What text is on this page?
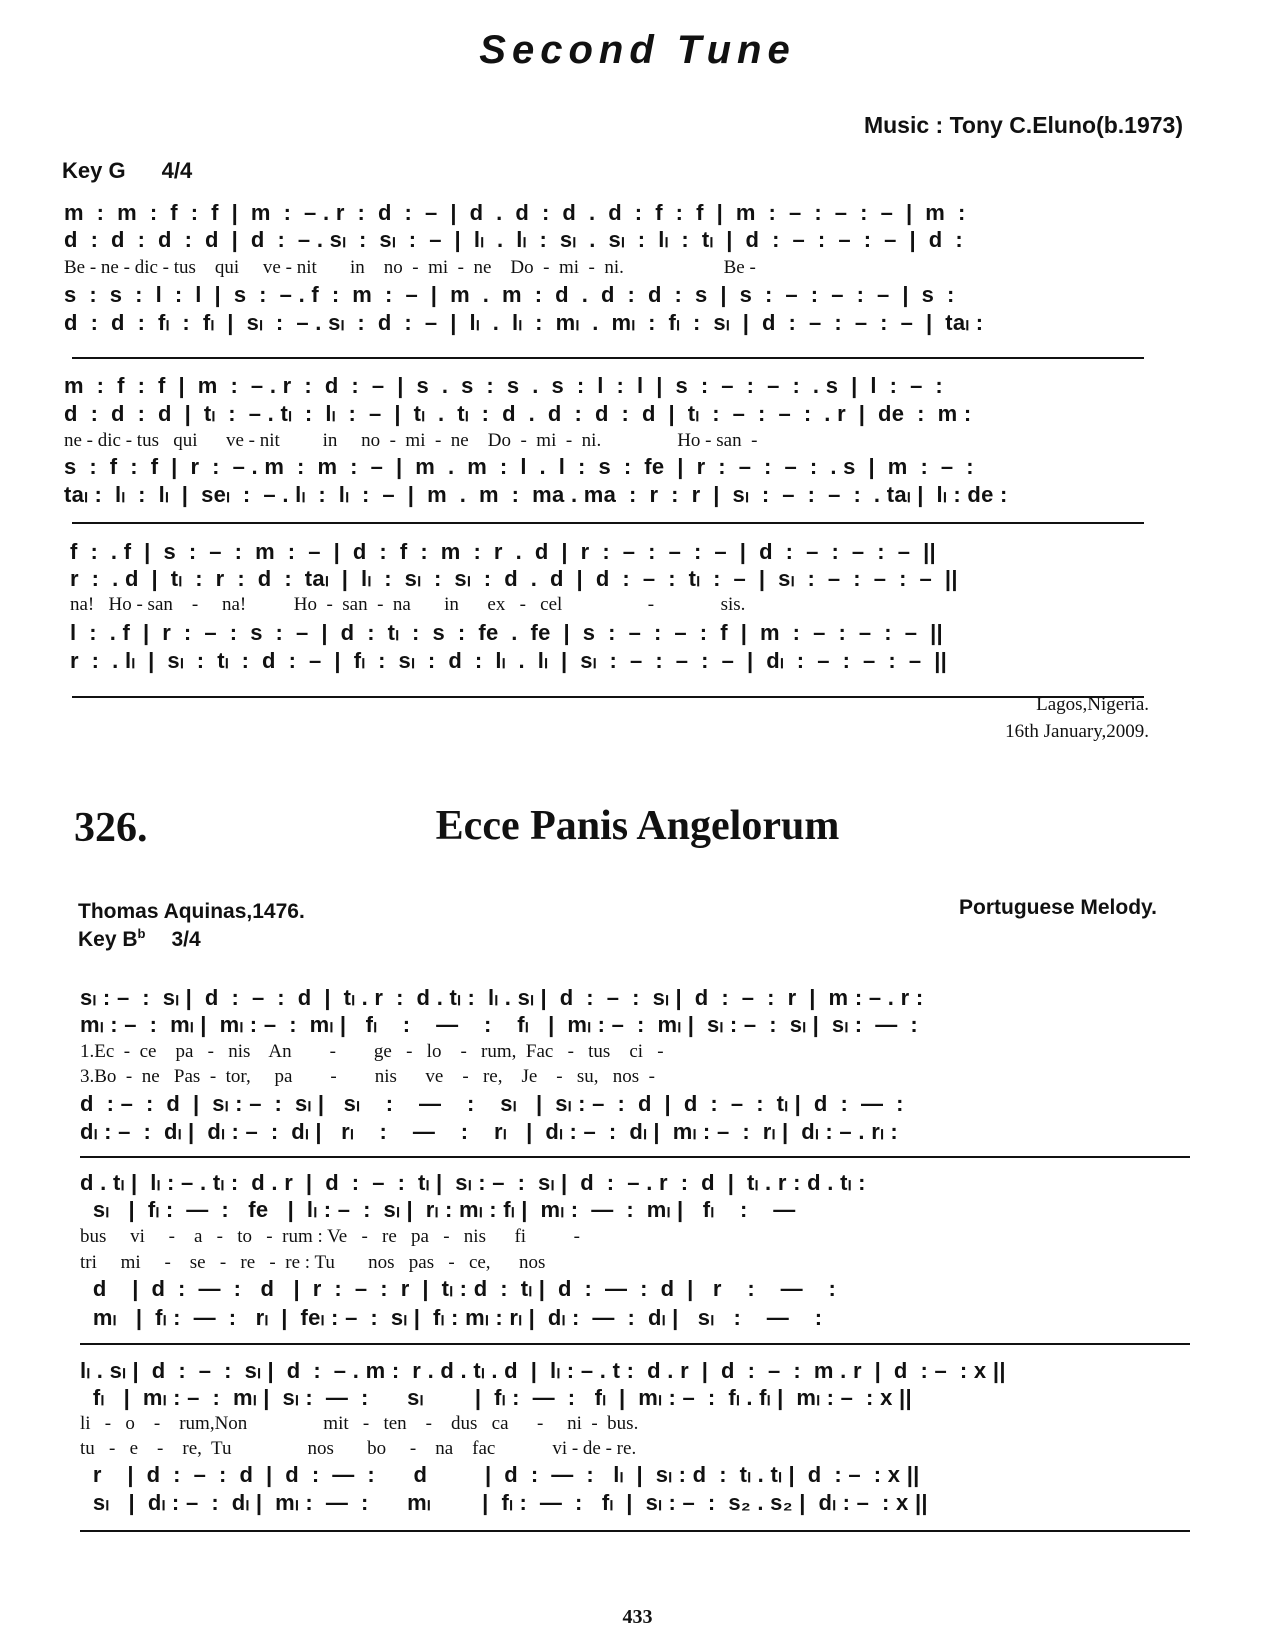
Second Tune
Music : Tony C.Eluno(b.1973)
Key G 4/4
m  :  m  :  f  :  f  |  m  :  – . r  :  d  :  –  |  d  .  d  :  d  .  d  :  f  :  f  |  m  :  –  :  –  :  –  |  m  :
d  :  d  :  d  :  d  |  d  :  – . sₗ  :  sₗ  :  –  |  lₗ  .  lₗ  :  sₗ  .  sₗ  :  lₗ  :  tₗ  |  d  :  –  :  –  :  –  |  d  :
Be - ne - dic - tus    qui     ve - nit       in    no  -  mi  -  ne    Do  -  mi  -  ni.                     Be -
s  :  s  :  l  :  l  |  s  :  – . f  :  m  :  –  |  m  .  m  :  d  .  d  :  d  :  s  |  s  :  –  :  –  :  –  |  s  :
d  :  d  :  fₗ  :  fₗ  |  sₗ  :  – . sₗ  :  d  :  –  |  lₗ  .  lₗ  :  mₗ  .  mₗ  :  fₗ  :  sₗ  |  d  :  –  :  –  :  –  |  taₗ :
m  :  f  :  f  |  m  :  – . r  :  d  :  –  |  s  .  s  :  s  .  s  :  l  :  l  |  s  :  –  :  –  :  . s  |  l  :  –  :
d  :  d  :  d  |  tₗ  :  – . tₗ  :  lₗ  :  –  |  tₗ  .  tₗ  :  d  .  d  :  d  :  d  |  tₗ  :  –  :  –  :  . r  |  de  :  m :
ne - dic - tus   qui      ve - nit         in     no  -  mi  -  ne    Do  -  mi  -  ni.                Ho - san  -
s  :  f  :  f  |  r  :  – . m  :  m  :  –  |  m  .  m  :  l  .  l  :  s  :  fe  |  r  :  –  :  –  :  . s  |  m  :  –  :
taₗ :  lₗ  :  lₗ  |  seₗ  :  – . lₗ  :  lₗ  :  –  |  m  .  m  :  ma . ma  :  r  :  r  |  sₗ  :  –  :  –  :  . taₗ |  lₗ : de :
f  :  . f  |  s  :  –  :  m  :  –  |  d  :  f  :  m  :  r  .  d  |  r  :  –  :  –  :  –  |  d  :  –  :  –  :  –  ||
r  :  . d  |  tₗ  :  r  :  d  :  taₗ  |  lₗ  :  sₗ  :  sₗ  :  d  .  d  |  d  :  –  :  tₗ  :  –  |  sₗ  :  –  :  –  :  –  ||
na!   Ho - san    -     na!          Ho  -  san  -  na       in      ex   -   cel                  -              sis.
l  :  . f  |  r  :  –  :  s  :  –  |  d  :  tₗ  :  s  :  fe  .  fe  |  s  :  –  :  –  :  f  |  m  :  –  :  –  :  –  ||
r  :  . lₗ  |  sₗ  :  tₗ  :  d  :  –  |  fₗ  :  sₗ  :  d  :  lₗ  .  lₗ  |  sₗ  :  –  :  –  :  –  |  dₗ  :  –  :  –  :  –  ||
Lagos,Nigeria.
16th January,2009.
326.	Ecce Panis Angelorum
Thomas Aquinas,1476.	Portuguese Melody.
Key $B^b$ 3/4
sₗ : –  :  sₗ |  d  :  –  :  d  |  tₗ . r  :  d . tₗ :  lₗ . sₗ |  d  :  –  :  sₗ |  d  :  –  :  r  |  m : – . r :
mₗ : –  :  mₗ |  mₗ : –  :  mₗ |   fₗ    :    —    :    fₗ   |  mₗ : –  :  mₗ |  sₗ : –  :  sₗ |  sₗ :  —  :
1.Ec  -  ce    pa   -   nis    An        -        ge   -   lo    -   rum,  Fac   -   tus    ci   -
3.Bo  -  ne   Pas  -  tor,     pa        -        nis      ve    -   re,    Je    -   su,   nos  -
d  : –  :  d  |  sₗ : –  :  sₗ |   sₗ    :    —    :    sₗ   |  sₗ : –  :  d  |  d  :  –  :  tₗ |  d  :  —  :
dₗ : –  :  dₗ |  dₗ : –  :  dₗ |   rₗ    :    —    :    rₗ   |  dₗ : –  :  dₗ |  mₗ : –  :  rₗ |  dₗ : – . rₗ :
d . tₗ |  lₗ : – . tₗ :  d . r  |  d  :  –  :  tₗ |  sₗ : –  :  sₗ |  d  :  – . r  :  d  |  tₗ . r : d . tₗ :
sₗ   |  fₗ :  —  :   fe   |  lₗ : –  :  sₗ |  rₗ : mₗ : fₗ |  mₗ :  —  :  mₗ |   fₗ    :    —
bus     vi     -    a   -   to   -  rum : Ve   -   re   pa   -   nis      fi          -
tri     mi     -    se   -   re   -  re : Tu       nos   pas   -   ce,      nos
d    |  d  :  —  :   d   |  r  :  –  :  r  |  tₗ : d  :  tₗ |  d  :  —  :  d  |   r    :    —    :
mₗ   |  fₗ :  —  :   rₗ  |  feₗ : –  :  sₗ |  fₗ : mₗ : rₗ |  dₗ :  —  :  dₗ |   sₗ   :    —    :
lₗ . sₗ |  d  :  –  :  sₗ |  d  :  – . m :  r . d . tₗ . d  |  lₗ : – . t :  d . r  |  d  :  –  :  m . r  |  d  : –  : x ||
fₗ   |  mₗ : –  :  mₗ |  sₗ :  —  :      sₗ        |  fₗ :  —  :   fₗ  |  mₗ : –  :  fₗ . fₗ |  mₗ : –  : x ||
li   -   o    -    rum,Non                mit   -   ten    -    dus   ca      -     ni  -  bus.
tu   -   e    -    re,  Tu                nos       bo     -    na    fac            vi - de - re.
r    |  d  :  –  :  d  |  d  :  —  :      d         |  d  :  —  :   lₗ  |  sₗ : d  :  tₗ . tₗ |  d  : –  : x ||
sₗ   |  dₗ : –  :  dₗ |  mₗ :  —  :      mₗ        |  fₗ :  —  :   fₗ  |  sₗ : –  :  s₂ . s₂ |  dₗ : –  : x ||
433
